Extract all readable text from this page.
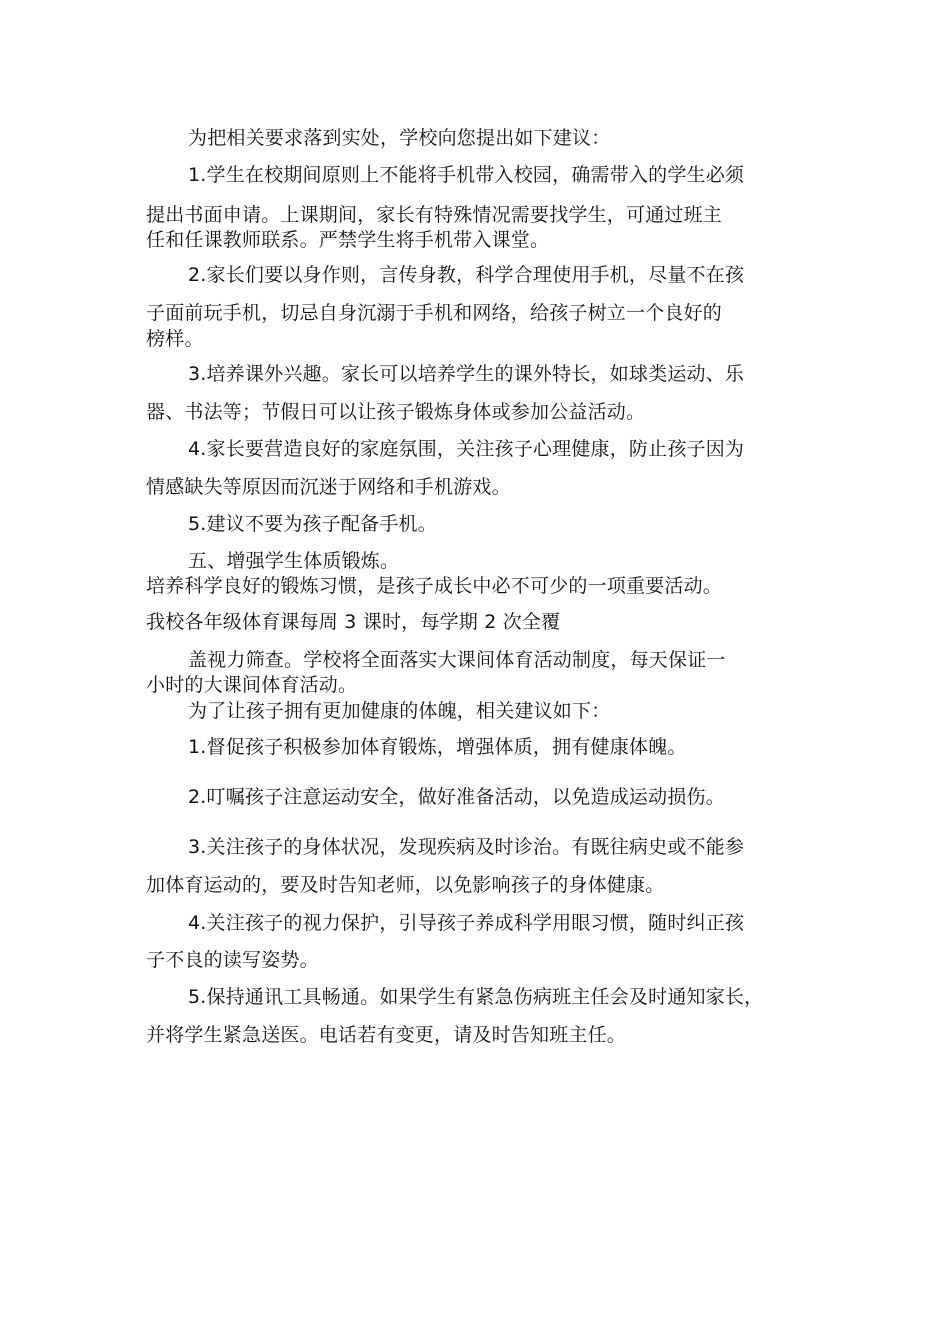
为把相关要求落到实处，学校向您提出如下建议：
1.学生在校期间原则上不能将手机带入校园，确需带入的学生必须
提出书面申请。上课期间，家长有特殊情况需要找学生，可通过班主
任和任课教师联系。严禁学生将手机带入课堂。
2.家长们要以身作则，言传身教，科学合理使用手机，尽量不在孩
子面前玩手机，切忌自身沉溺于手机和网络，给孩子树立一个良好的
榜样。
3.培养课外兴趣。家长可以培养学生的课外特长，如球类运动、乐
器、书法等；节假日可以让孩子锻炼身体或参加公益活动。
4.家长要营造良好的家庭氛围，关注孩子心理健康，防止孩子因为
情感缺失等原因而沉迷于网络和手机游戏。
5.建议不要为孩子配备手机。
五、增强学生体质锻炼。
培养科学良好的锻炼习惯，是孩子成长中必不可少的一项重要活动。
我校各年级体育课每周 3 课时，每学期 2 次全覆
盖视力筛查。学校将全面落实大课间体育活动制度，每天保证一
小时的大课间体育活动。
为了让孩子拥有更加健康的体魄，相关建议如下：
1.督促孩子积极参加体育锻炼，增强体质，拥有健康体魄。
2.叮嘱孩子注意运动安全，做好准备活动，以免造成运动损伤。
3.关注孩子的身体状况，发现疾病及时诊治。有既往病史或不能参
加体育运动的，要及时告知老师，以免影响孩子的身体健康。
4.关注孩子的视力保护，引导孩子养成科学用眼习惯，随时纠正孩
子不良的读写姿势。
5.保持通讯工具畅通。如果学生有紧急伤病班主任会及时通知家长，
并将学生紧急送医。电话若有变更，请及时告知班主任。
